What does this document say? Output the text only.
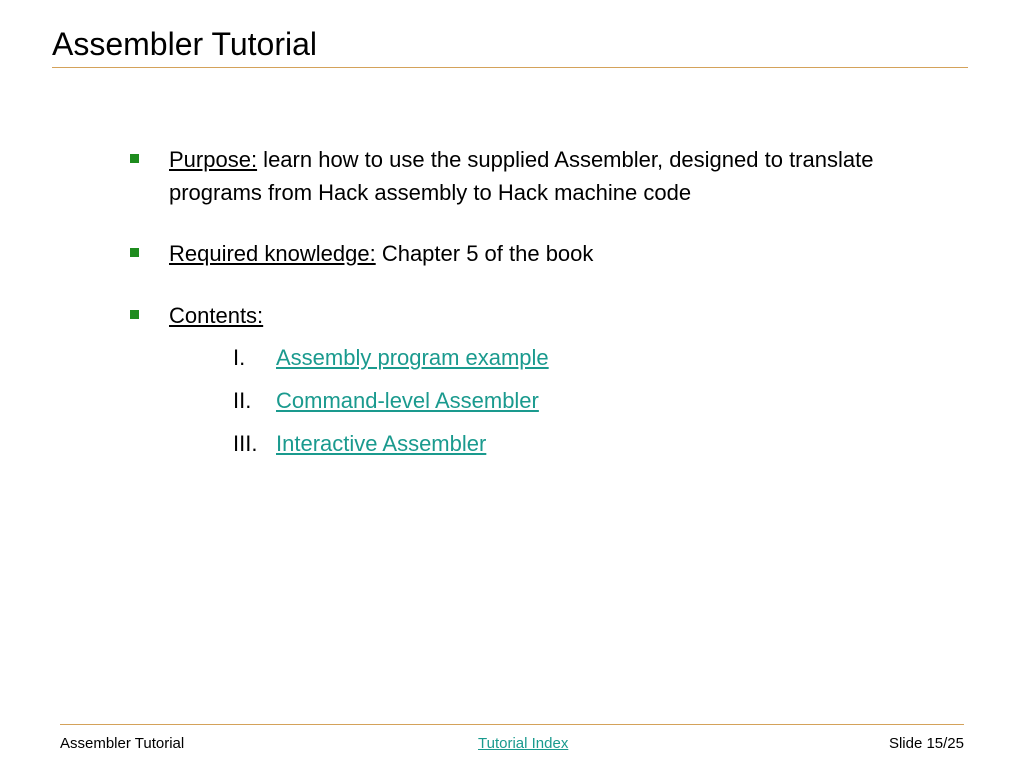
Assembler Tutorial
Purpose: learn how to use the supplied Assembler, designed to translate programs from Hack assembly to Hack machine code
Required knowledge: Chapter 5 of the book
Contents:
I. Assembly program example
II. Command-level Assembler
III. Interactive Assembler
Assembler Tutorial	Tutorial Index	Slide 15/25
